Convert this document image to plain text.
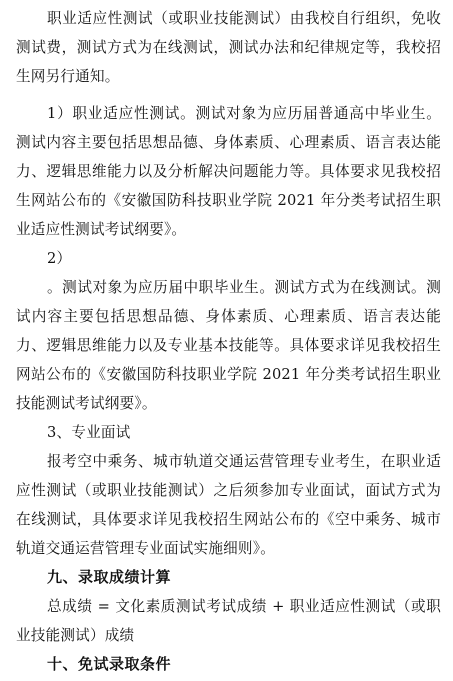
职业适应性测试（或职业技能测试）由我校自行组织，免收测试费，测试方式为在线测试，测试办法和纪律规定等，我校招生网另行通知。

1）职业适应性测试。测试对象为应历届普通高中毕业生。测试内容主要包括思想品德、身体素质、心理素质、语言表达能力、逻辑思维能力以及分析解决问题能力等。具体要求见我校招生网站公布的《安徽国防科技职业学院 2021 年分类考试招生职业适应性测试考试纲要》。

2）

。测试对象为应历届中职毕业生。测试方式为在线测试。测试内容主要包括思想品德、身体素质、心理素质、语言表达能力、逻辑思维能力以及专业基本技能等。具体要求详见我校招生网站公布的《安徽国防科技职业学院 2021 年分类考试招生职业技能测试考试纲要》。

3、专业面试

报考空中乘务、城市轨道交通运营管理专业考生，在职业适应性测试（或职业技能测试）之后须参加专业面试，面试方式为在线测试，具体要求详见我校招生网站公布的《空中乘务、城市轨道交通运营管理专业面试实施细则》。

九、录取成绩计算

总成绩 = 文化素质测试考试成绩 + 职业适应性测试（或职业技能测试）成绩

十、免试录取条件
